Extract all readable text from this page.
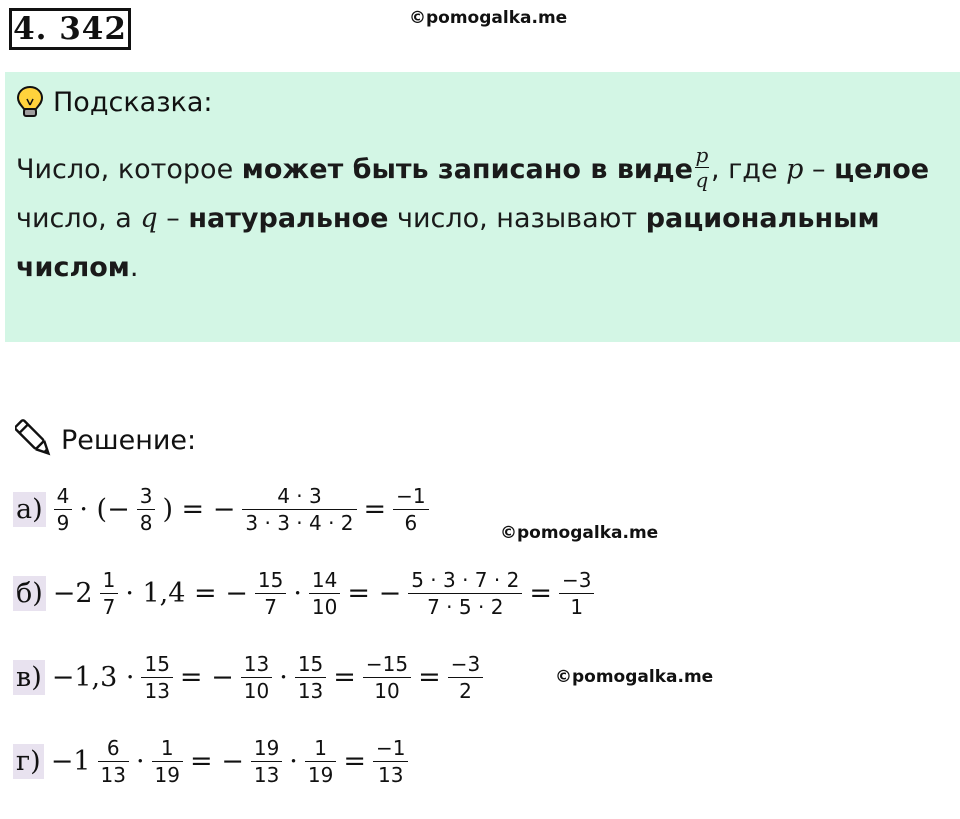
4. 342	©pomogalka.me
Подсказка:
Число, которое может быть записано в виде $\frac{p}{q}$ , где p – целое число, а q – натуральное число, называют рациональным числом.
Решение:
а) 4
9 · (− 3
8 ) = − 4 · 3
3 · 3 · 4 · 2 = −1
6	©pomogalka.me
б) −2 1
7 · 1,4 = − 15
7 · 14
10 = − 5 · 3 · 7 · 2
7 · 5 · 2 = −3
1
в) −1,3 · 15
13 = − 13
10 · 15
13 = −15
10 = −3
2
©pomogalka.me
г) −1 6
13 · 1
19 = − 19
13 · 1
19 = −1
13
